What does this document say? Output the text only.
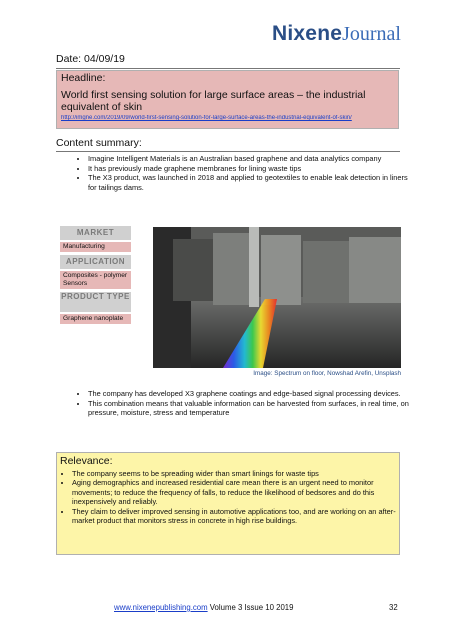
NixeneJournal
Date: 04/09/19
Headline:
World first sensing solution for large surface areas – the industrial equivalent of skin
http://imgne.com/2019/09/world-first-sensing-solution-for-large-surface-areas-the-industrial-equivalent-of-skin/
Content summary:
• Imagine Intelligent Materials is an Australian based graphene and data analytics company
• It has previously made graphene membranes for lining waste tips
• The X3 product, was launched in 2018 and applied to geotextiles to enable leak detection in liners for tailings dams.
MARKET
Manufacturing
APPLICATION
Composites - polymer
Sensors
PRODUCT TYPE
Graphene nanoplate
Image: Spectrum on floor, Nowshad Arefin, Unsplash
• The company has developed X3 graphene coatings and edge-based signal processing devices.
• This combination means that valuable information can be harvested from surfaces, in real time, on pressure, moisture, stress and temperature
Relevance:
• The company seems to be spreading wider than smart linings for waste tips
• Aging demographics and increased residential care mean there is an urgent need to monitor movements; to reduce the frequency of falls, to reduce the likelihood of bedsores and do this inexpensively and reliably.
• They claim to deliver improved sensing in automotive applications too, and are working on an after-market product that monitors stress in concrete in high rise buildings.
www.nixenepublishing.com Volume 3 Issue 10 2019	32
